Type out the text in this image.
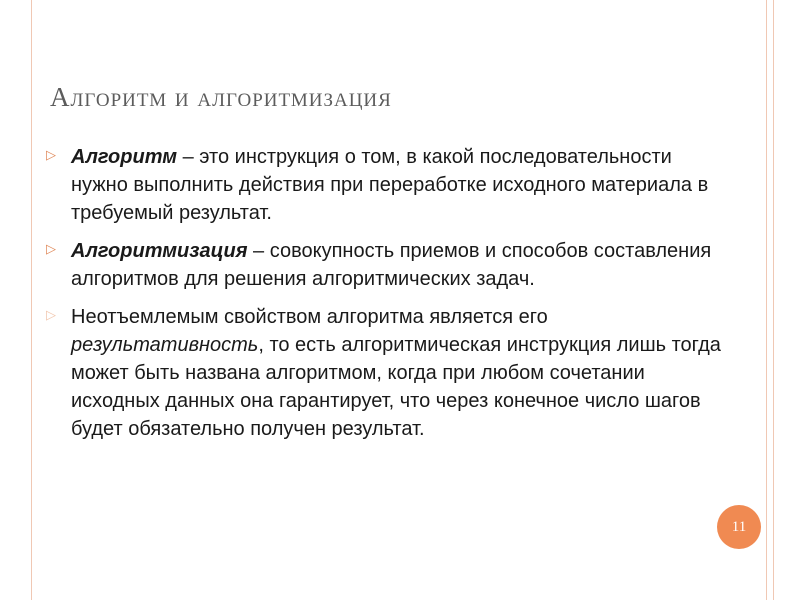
Алгоритм и алгоритмизация
▷ Алгоритм – это инструкция о том, в какой последовательности нужно выполнить действия при переработке исходного материала в требуемый результат.
▷ Алгоритмизация – совокупность приемов и способов составления алгоритмов для решения алгоритмических задач.
▷ Неотъемлемым свойством алгоритма является его результативность, то есть алгоритмическая инструкция лишь тогда может быть названа алгоритмом, когда при любом сочетании исходных данных она гарантирует, что через конечное число шагов будет обязательно получен результат.
11
